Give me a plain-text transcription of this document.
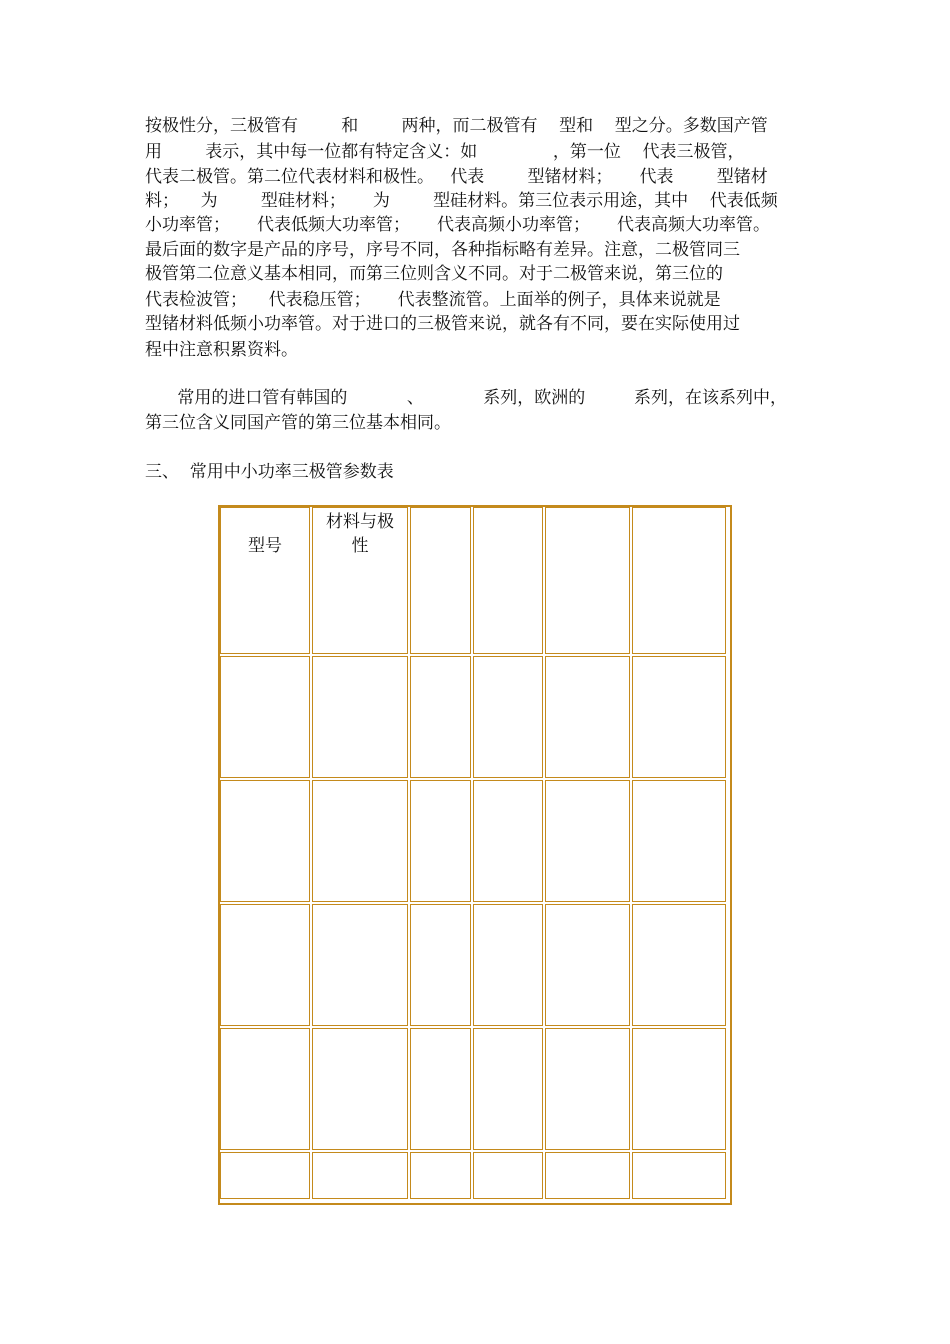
按极性分，三极管有        和        两种，而二极管有    型和    型之分。多数国产管
用        表示，其中每一位都有特定含义：如              ，第一位    代表三极管，
代表二极管。第二位代表材料和极性。   代表        型锗材料；     代表        型锗材
料；    为        型硅材料；     为        型硅材料。第三位表示用途，其中    代表低频
小功率管；     代表低频大功率管；     代表高频小功率管；     代表高频大功率管。
最后面的数字是产品的序号，序号不同，各种指标略有差异。注意，二极管同三
极管第二位意义基本相同，而第三位则含义不同。对于二极管来说，第三位的
代表检波管；    代表稳压管；     代表整流管。上面举的例子，具体来说就是
型锗材料低频小功率管。对于进口的三极管来说，就各有不同，要在实际使用过
程中注意积累资料。
常用的进口管有韩国的           、           系列，欧洲的         系列，在该系列中，
第三位含义同国产管的第三位基本相同。
三、  常用中小功率三极管参数表
型号
材料与极
性
